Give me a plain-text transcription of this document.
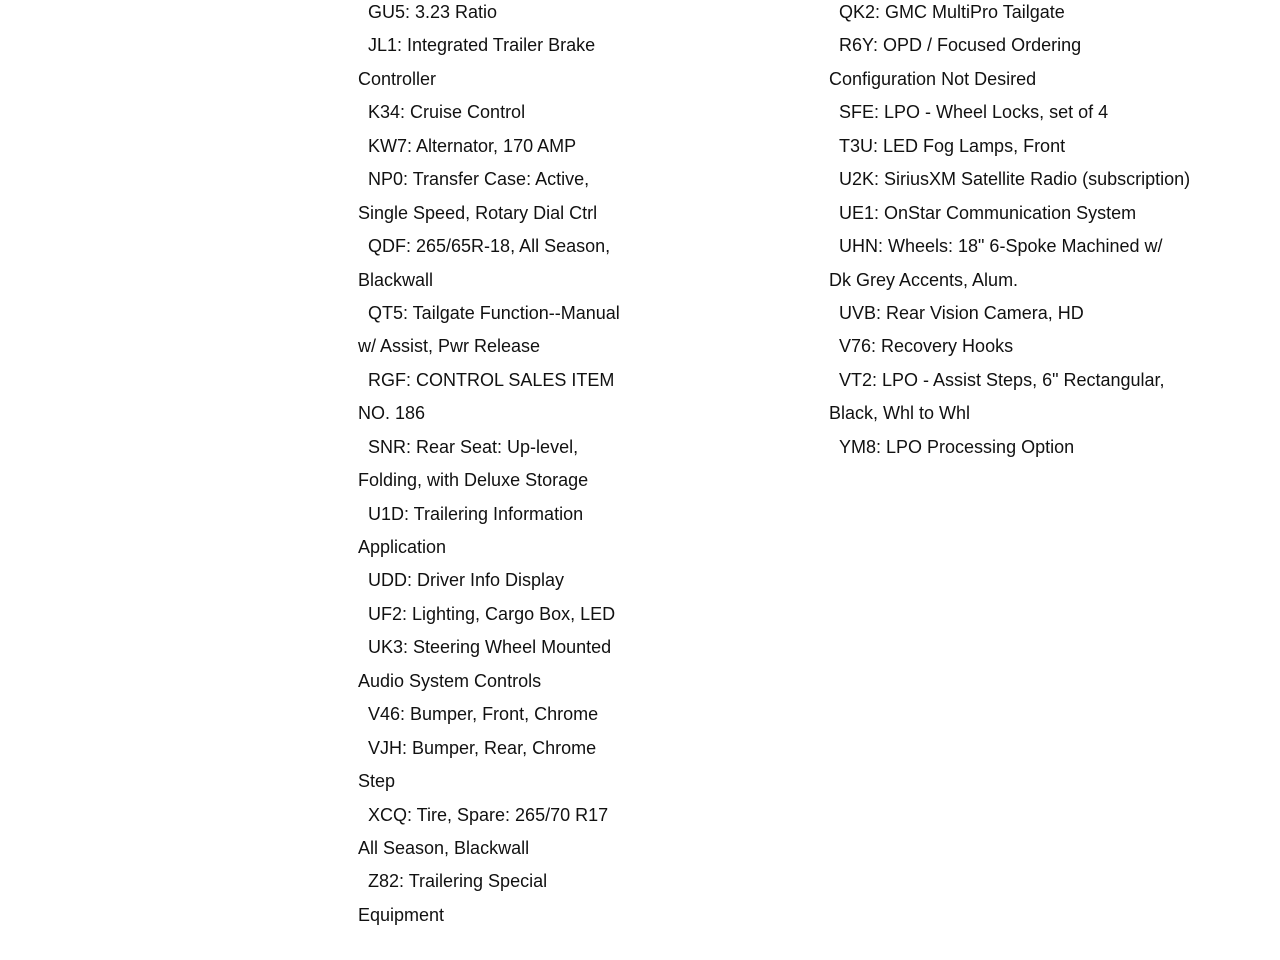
GU5: 3.23 Ratio
JL1: Integrated Trailer Brake
Controller
K34: Cruise Control
KW7: Alternator, 170 AMP
NP0: Transfer Case: Active,
Single Speed, Rotary Dial Ctrl
QDF: 265/65R-18, All Season,
Blackwall
QT5: Tailgate Function--Manual
w/ Assist, Pwr Release
RGF: CONTROL SALES ITEM
NO. 186
SNR: Rear Seat: Up-level,
Folding, with Deluxe Storage
U1D: Trailering Information
Application
UDD: Driver Info Display
UF2: Lighting, Cargo Box, LED
UK3: Steering Wheel Mounted
Audio System Controls
V46: Bumper, Front, Chrome
VJH: Bumper, Rear, Chrome
Step
XCQ: Tire, Spare: 265/70 R17
All Season, Blackwall
Z82: Trailering Special
Equipment
QK2: GMC MultiPro Tailgate
R6Y: OPD / Focused Ordering
Configuration Not Desired
SFE: LPO - Wheel Locks, set of 4
T3U: LED Fog Lamps, Front
U2K: SiriusXM Satellite Radio (subscription)
UE1: OnStar Communication System
UHN: Wheels: 18" 6-Spoke Machined w/
Dk Grey Accents, Alum.
UVB: Rear Vision Camera, HD
V76: Recovery Hooks
VT2: LPO - Assist Steps, 6" Rectangular,
Black, Whl to Whl
YM8: LPO Processing Option
